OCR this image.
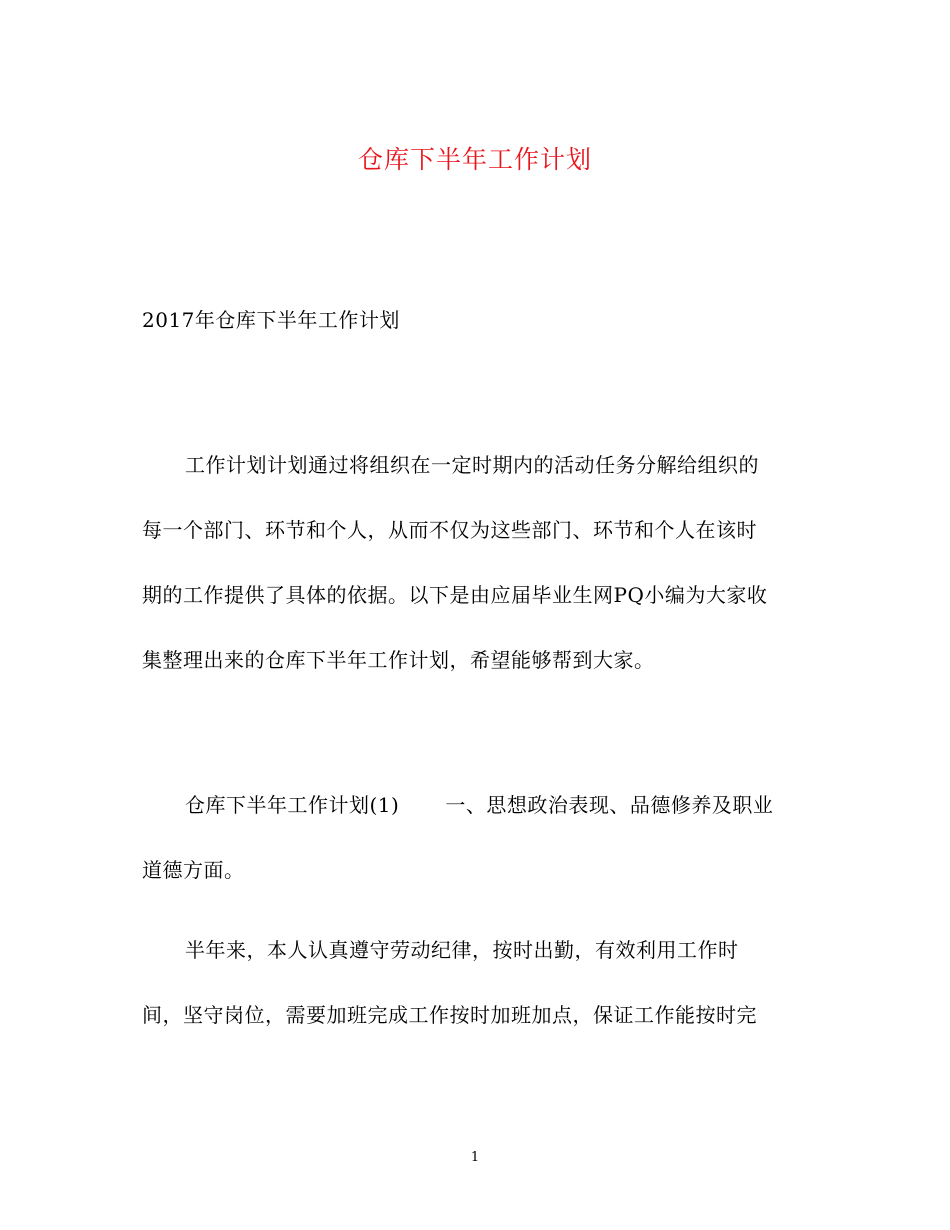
仓库下半年工作计划
2017年仓库下半年工作计划
工作计划计划通过将组织在一定时期内的活动任务分解给组织的
每一个部门、环节和个人，从而不仅为这些部门、环节和个人在该时
期的工作提供了具体的依据。以下是由应届毕业生网PQ小编为大家收
集整理出来的仓库下半年工作计划，希望能够帮到大家。
仓库下半年工作计划(1) 一、思想政治表现、品德修养及职业
道德方面。
半年来，本人认真遵守劳动纪律，按时出勤，有效利用工作时
间，坚守岗位，需要加班完成工作按时加班加点，保证工作能按时完
1
